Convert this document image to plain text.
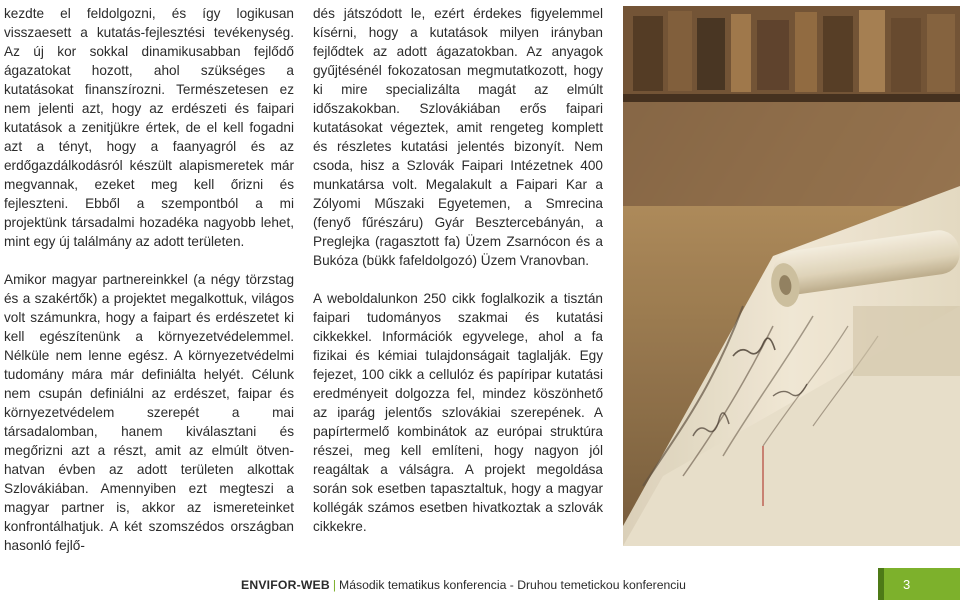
kezdte el feldolgozni, és így logikusan visszaesett a kutatás-fejlesztési tevékenység. Az új kor sokkal dinamikusabban fejlődő ágazatokat hozott, ahol szükséges a kutatásokat finanszírozni. Természetesen ez nem jelenti azt, hogy az erdészeti és faipari kutatások a zenitjükre értek, de el kell fogadni azt a tényt, hogy a faanyagról és az erdőgazdálkodásról készült alapismeretek már megvannak, ezeket meg kell őrizni és fejleszteni. Ebből a szempontból a mi projektünk társadalmi hozadéka nagyobb lehet, mint egy új találmány az adott területen.

Amikor magyar partnereinkkel (a négy törzstag és a szakértők) a projektet megalkottuk, világos volt számunkra, hogy a faipart és erdészetet ki kell egészítenünk a környezetvédelemmel. Nélküle nem lenne egész. A környezetvédelmi tudomány mára már definiálta helyét. Célunk nem csupán definiálni az erdészet, faipar és környezetvédelem szerepét a mai társadalomban, hanem kiválasztani és megőrizni azt a részt, amit az elmúlt ötven-hatvan évben az adott területen alkottak Szlovákiában. Amennyiben ezt megteszi a magyar partner is, akkor az ismereteinket konfrontálhatjuk. A két szomszédos országban hasonló fejlő-

dés játszódott le, ezért érdekes figyelemmel kísérni, hogy a kutatások milyen irányban fejlődtek az adott ágazatokban. Az anyagok gyűjtésénél fokozatosan megmutatkozott, hogy ki mire specializálta magát az elmúlt időszakokban. Szlovákiában erős faipari kutatásokat végeztek, amit rengeteg komplett és részletes kutatási jelentés bizonyít. Nem csoda, hisz a Szlovák Faipari Intézetnek 400 munkatársa volt. Megalakult a Faipari Kar a Zólyomi Műszaki Egyetemen, a Smrecina (fenyő fűrészáru) Gyár Besztercebányán, a Preglejka (ragasztott fa) Üzem Zsarnócon és a Bukóza (bükk fafeldolgozó) Üzem Vranovban.

A weboldalunkon 250 cikk foglalkozik a tisztán faipari tudományos szakmai és kutatási cikkekkel. Információk egyvelege, ahol a fa fizikai és kémiai tulajdonságait taglalják. Egy fejezet, 100 cikk a cellulóz és papíripar kutatási eredményeit dolgozza fel, mindez köszönhető az iparág jelentős szlovákiai szerepének. A papírtermelő kombinátok az európai struktúra részei, meg kell említeni, hogy nagyon jól reagáltak a válságra. A projekt megoldása során sok esetben tapasztaltuk, hogy a magyar kollégák számos esetben hivatkoztak a szlovák cikkekre.

ENVIFOR-WEB | Második tematikus konferencia - Druhou temetickou konferenciu	3
